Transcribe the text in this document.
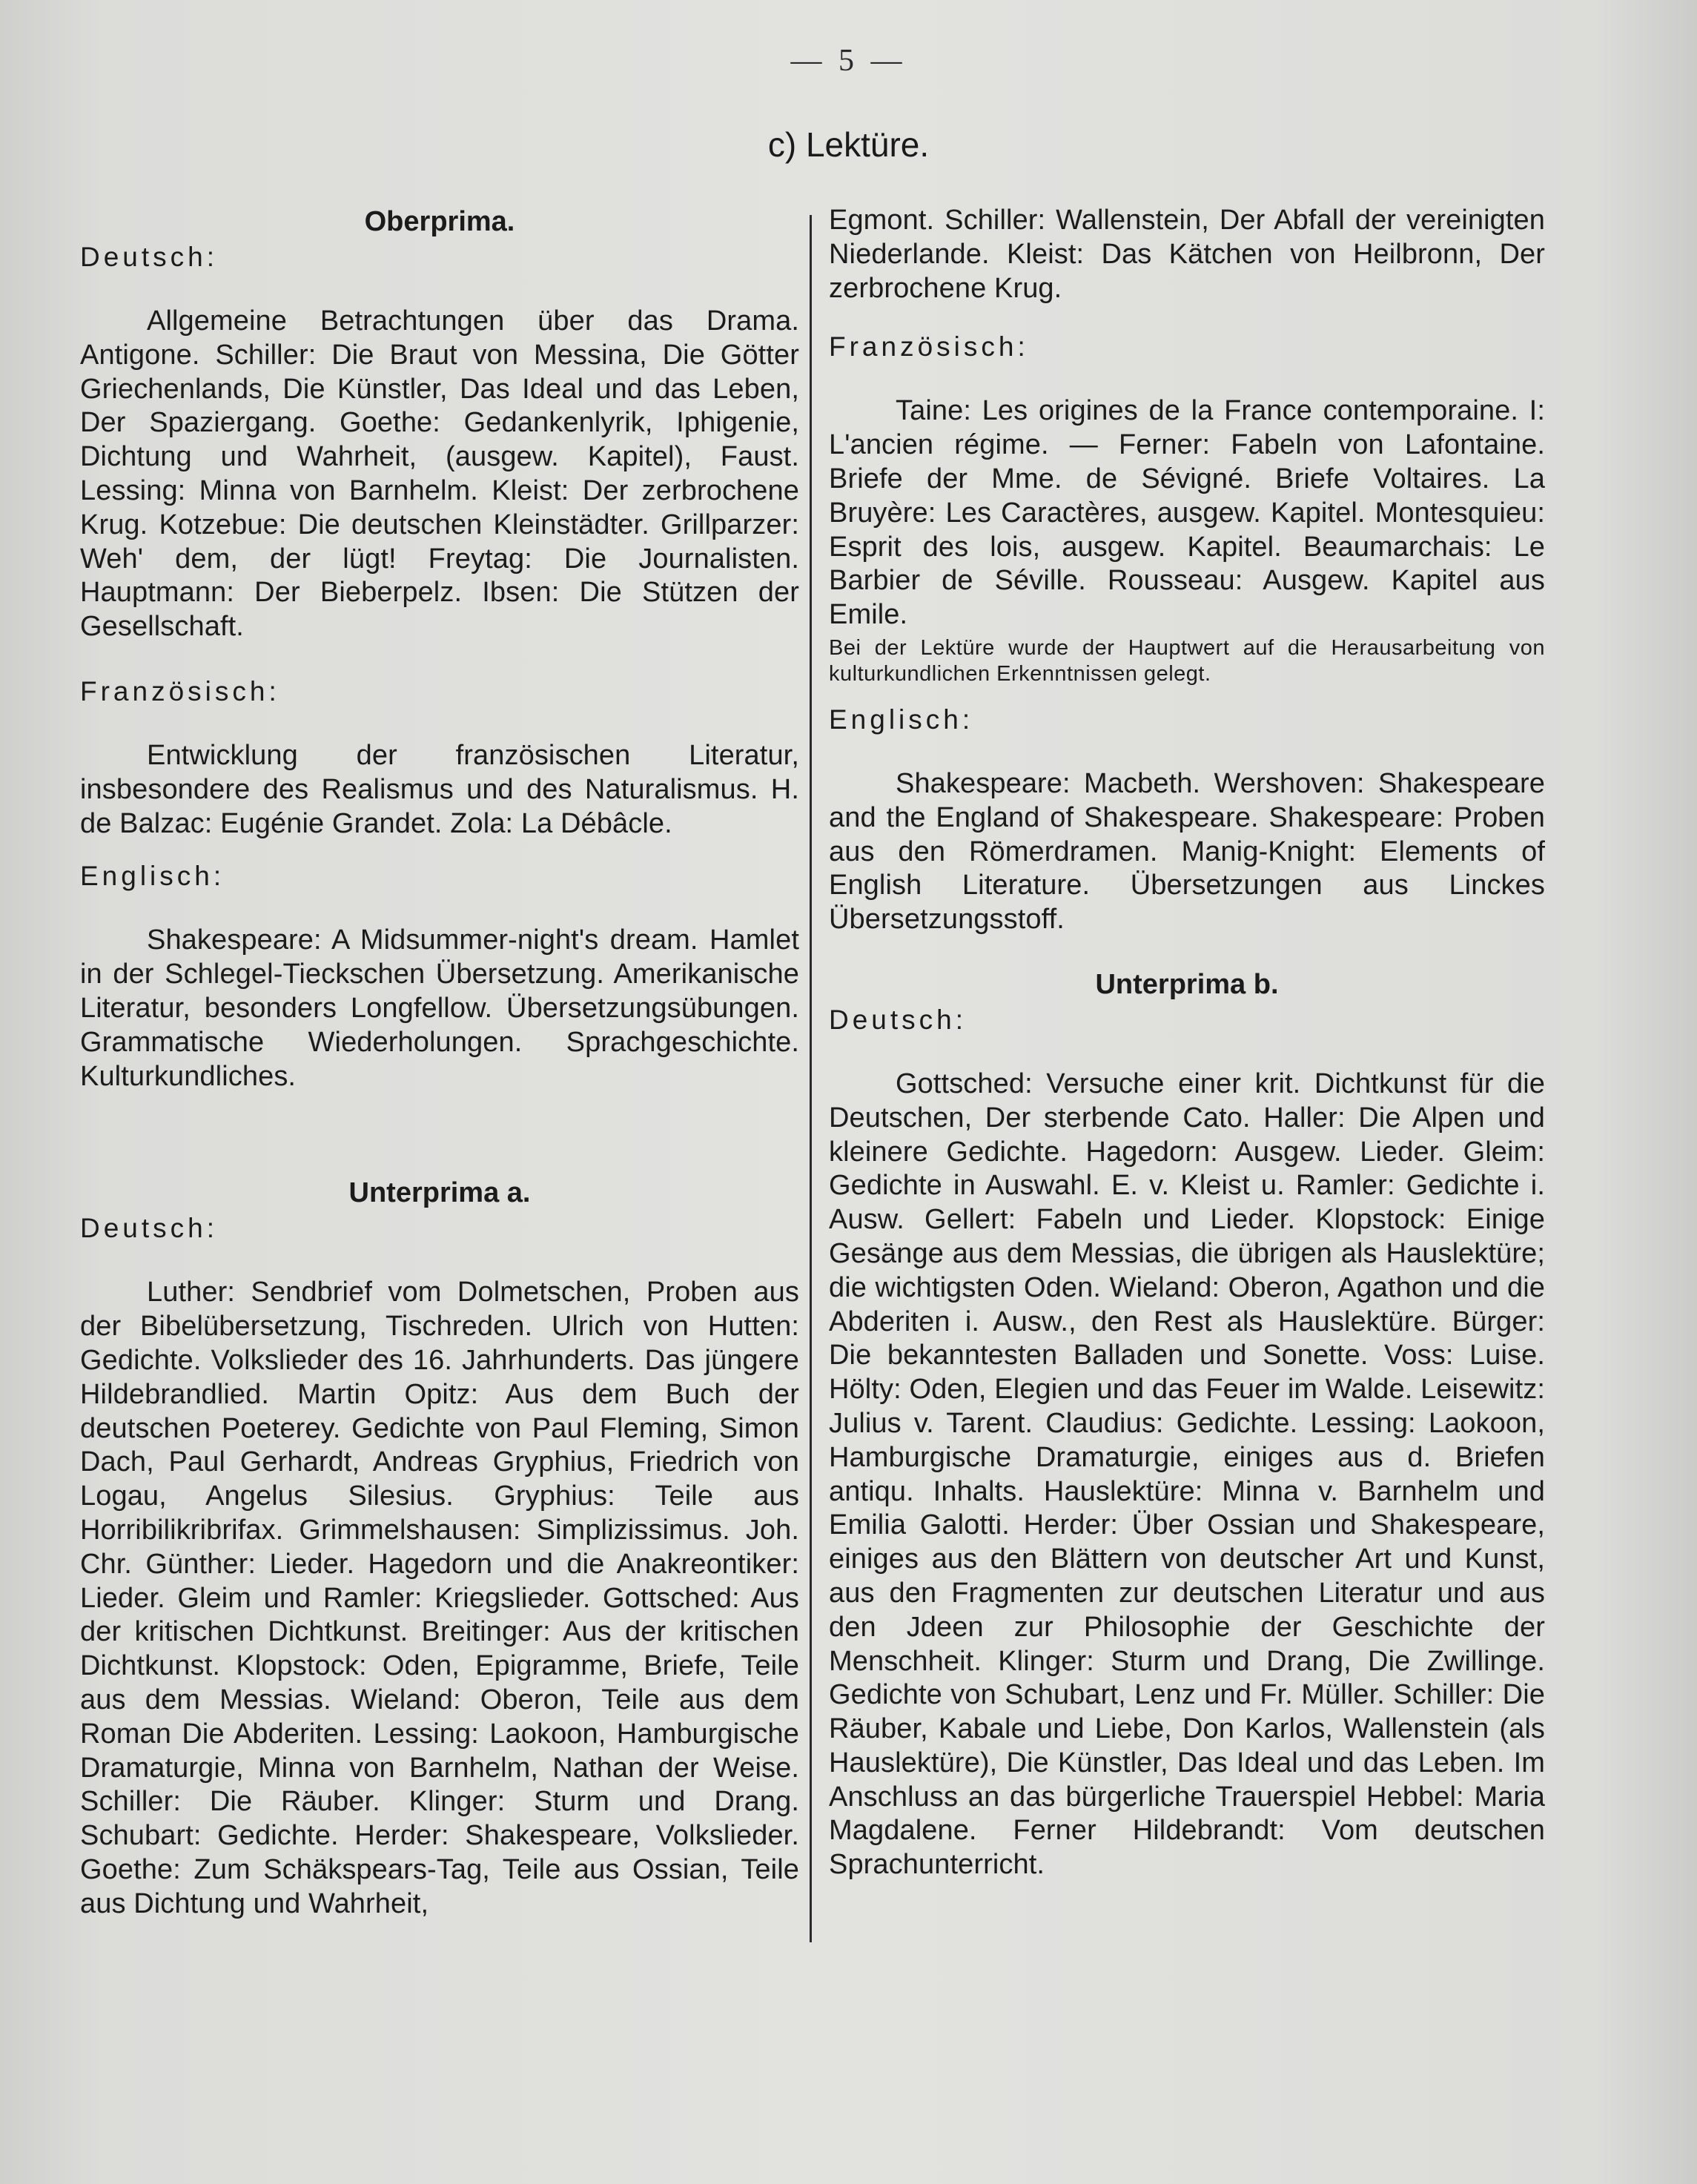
— 5 —
c) Lektüre.

Oberprima.

Deutsch:

Allgemeine Betrachtungen über das Drama. Antigone. Schiller: Die Braut von Messina, Die Götter Griechenlands, Die Künstler, Das Ideal und das Leben, Der Spaziergang. Goethe: Gedankenlyrik, Iphigenie, Dichtung und Wahrheit, (ausgew. Kapitel), Faust. Lessing: Minna von Barnhelm. Kleist: Der zerbrochene Krug. Kotzebue: Die deutschen Kleinstädter. Grillparzer: Weh' dem, der lügt! Freytag: Die Journalisten. Hauptmann: Der Bieberpelz. Ibsen: Die Stützen der Gesellschaft.

Französisch:

Entwicklung der französischen Literatur, insbesondere des Realismus und des Naturalismus. H. de Balzac: Eugénie Grandet. Zola: La Débâcle.

Englisch:

Shakespeare: A Midsummer-night's dream. Hamlet in der Schlegel-Tieckschen Übersetzung. Amerikanische Literatur, besonders Longfellow. Übersetzungsübungen. Grammatische Wiederholungen. Sprachgeschichte. Kulturkundliches.

Unterprima a.

Deutsch:

Luther: Sendbrief vom Dolmetschen, Proben aus der Bibelübersetzung, Tischreden. Ulrich von Hutten: Gedichte. Volkslieder des 16. Jahrhunderts. Das jüngere Hildebrandlied. Martin Opitz: Aus dem Buch der deutschen Poeterey. Gedichte von Paul Fleming, Simon Dach, Paul Gerhardt, Andreas Gryphius, Friedrich von Logau, Angelus Silesius. Gryphius: Teile aus Horribilikribrifax. Grimmelshausen: Simplizissimus. Joh. Chr. Günther: Lieder. Hagedorn und die Anakreontiker: Lieder. Gleim und Ramler: Kriegslieder. Gottsched: Aus der kritischen Dichtkunst. Breitinger: Aus der kritischen Dichtkunst. Klopstock: Oden, Epigramme, Briefe, Teile aus dem Messias. Wieland: Oberon, Teile aus dem Roman Die Abderiten. Lessing: Laokoon, Hamburgische Dramaturgie, Minna von Barnhelm, Nathan der Weise. Schiller: Die Räuber. Klinger: Sturm und Drang. Schubart: Gedichte. Herder: Shakespeare, Volkslieder. Goethe: Zum Schäkspears-Tag, Teile aus Ossian, Teile aus Dichtung und Wahrheit,

Egmont. Schiller: Wallenstein, Der Abfall der vereinigten Niederlande. Kleist: Das Kätchen von Heilbronn, Der zerbrochene Krug.

Französisch:

Taine: Les origines de la France contemporaine. I: L'ancien régime. — Ferner: Fabeln von Lafontaine. Briefe der Mme. de Sévigné. Briefe Voltaires. La Bruyère: Les Caractères, ausgew. Kapitel. Montesquieu: Esprit des lois, ausgew. Kapitel. Beaumarchais: Le Barbier de Séville. Rousseau: Ausgew. Kapitel aus Emile.

Bei der Lektüre wurde der Hauptwert auf die Herausarbeitung von kulturkundlichen Erkenntnissen gelegt.

Englisch:

Shakespeare: Macbeth. Wershoven: Shakespeare and the England of Shakespeare. Shakespeare: Proben aus den Römerdramen. Manig-Knight: Elements of English Literature. Übersetzungen aus Linckes Übersetzungsstoff.

Unterprima b.

Deutsch:

Gottsched: Versuche einer krit. Dichtkunst für die Deutschen, Der sterbende Cato. Haller: Die Alpen und kleinere Gedichte. Hagedorn: Ausgew. Lieder. Gleim: Gedichte in Auswahl. E. v. Kleist u. Ramler: Gedichte i. Ausw. Gellert: Fabeln und Lieder. Klopstock: Einige Gesänge aus dem Messias, die übrigen als Hauslektüre; die wichtigsten Oden. Wieland: Oberon, Agathon und die Abderiten i. Ausw., den Rest als Hauslektüre. Bürger: Die bekanntesten Balladen und Sonette. Voss: Luise. Hölty: Oden, Elegien und das Feuer im Walde. Leisewitz: Julius v. Tarent. Claudius: Gedichte. Lessing: Laokoon, Hamburgische Dramaturgie, einiges aus d. Briefen antiqu. Inhalts. Hauslektüre: Minna v. Barnhelm und Emilia Galotti. Herder: Über Ossian und Shakespeare, einiges aus den Blättern von deutscher Art und Kunst, aus den Fragmenten zur deutschen Literatur und aus den Jdeen zur Philosophie der Geschichte der Menschheit. Klinger: Sturm und Drang, Die Zwillinge. Gedichte von Schubart, Lenz und Fr. Müller. Schiller: Die Räuber, Kabale und Liebe, Don Karlos, Wallenstein (als Hauslektüre), Die Künstler, Das Ideal und das Leben. Im Anschluss an das bürgerliche Trauerspiel Hebbel: Maria Magdalene. Ferner Hildebrandt: Vom deutschen Sprachunterricht.
